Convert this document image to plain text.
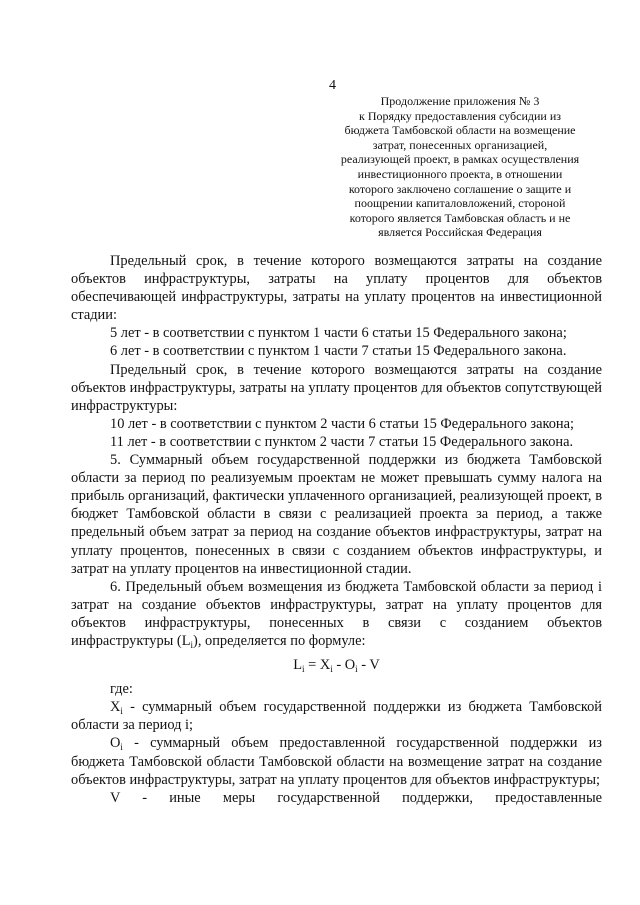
4
Продолжение приложения № 3
к Порядку предоставления субсидии из
бюджета Тамбовской области на возмещение
затрат, понесенных организацией,
реализующей проект, в рамках осуществления
инвестиционного проекта, в отношении
которого заключено соглашение о защите и
поощрении капиталовложений, стороной
которого является Тамбовская область и не
является Российская Федерация

Предельный срок, в течение которого возмещаются затраты на создание объектов инфраструктуры, затраты на уплату процентов для объектов обеспечивающей инфраструктуры, затраты на уплату процентов на инвестиционной стадии:

5 лет - в соответствии с пунктом 1 части 6 статьи 15 Федерального закона;

6 лет - в соответствии с пунктом 1 части 7 статьи 15 Федерального закона.

Предельный срок, в течение которого возмещаются затраты на создание объектов инфраструктуры, затраты на уплату процентов для объектов сопутствующей инфраструктуры:

10 лет - в соответствии с пунктом 2 части 6 статьи 15 Федерального закона;

11 лет - в соответствии с пунктом 2 части 7 статьи 15 Федерального закона.

5. Суммарный объем государственной поддержки из бюджета Тамбовской области за период по реализуемым проектам не может превышать сумму налога на прибыль организаций, фактически уплаченного организацией, реализующей проект, в бюджет Тамбовской области в связи с реализацией проекта за период, а также предельный объем затрат за период на создание объектов инфраструктуры, затрат на уплату процентов, понесенных в связи с созданием объектов инфраструктуры, и затрат на уплату процентов на инвестиционной стадии.

6. Предельный объем возмещения из бюджета Тамбовской области за период i затрат на создание объектов инфраструктуры, затрат на уплату процентов для объектов инфраструктуры, понесенных в связи с созданием объектов инфраструктуры $(L_i)$, определяется по формуле:

$L_i = X_i - O_i - V$

где:

$X_i$ - суммарный объем государственной поддержки из бюджета Тамбовской области за период i;

$O_i$ - суммарный объем предоставленной государственной поддержки из бюджета Тамбовской области Тамбовской области на возмещение затрат на создание объектов инфраструктуры, затрат на уплату процентов для объектов инфраструктуры;

V - иные меры государственной поддержки, предоставленные
